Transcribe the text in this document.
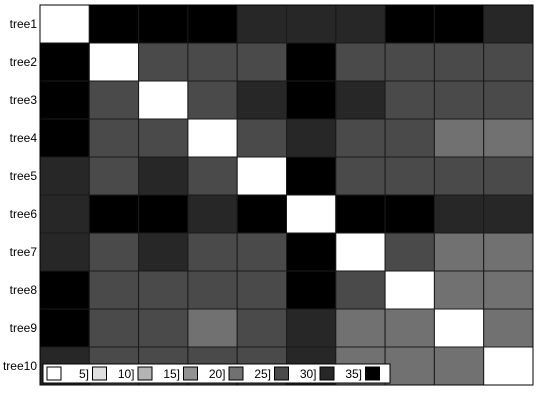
tree1
tree2
tree3
tree4
tree5
tree6
tree7
tree8
tree9
tree10
5] 10] 15] 20] 25] 30] 35]
